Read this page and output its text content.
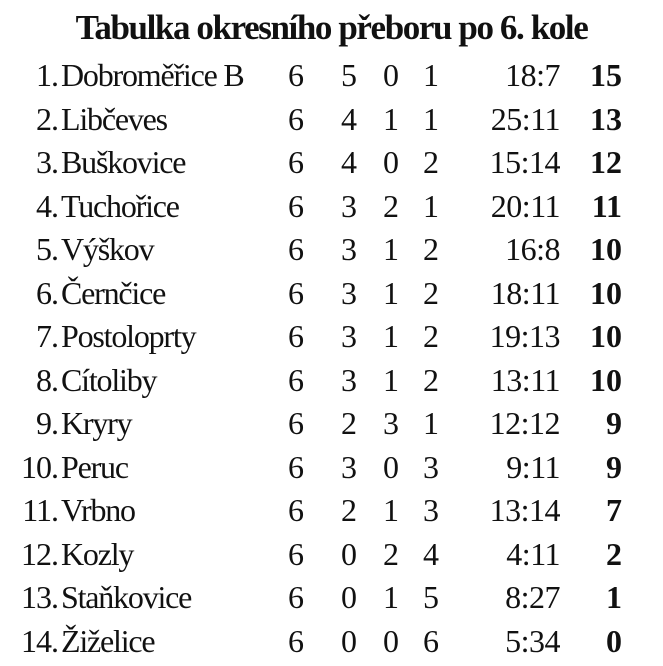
Tabulka okresního přeboru po 6. kole
1. Dobroměřice B 6 5 0 1 18:7 15
2. Libčeves	6 4 1 1 25:11 13
3. Buškovice	6 4 0 2 15:14 12
4. Tuchořice	6 3 2 1 20:11 11
5. Výškov	6 3 1 2 16:8 10
6. Černčice	6 3 1 2 18:11 10
7. Postoloprty	6 3 1 2 19:13 10
8. Cítoliby	6 3 1 2 13:11 10
9. Kryry	6 2 3 1 12:12 9
10. Peruc	6 3 0 3 9:11 9
11. Vrbno	6 2 1 3 13:14 7
12. Kozly	6 0 2 4 4:11 2
13. Staňkovice	6 0 1 5 8:27 1
14. Žiželice	6 0 0 6 5:34 0
